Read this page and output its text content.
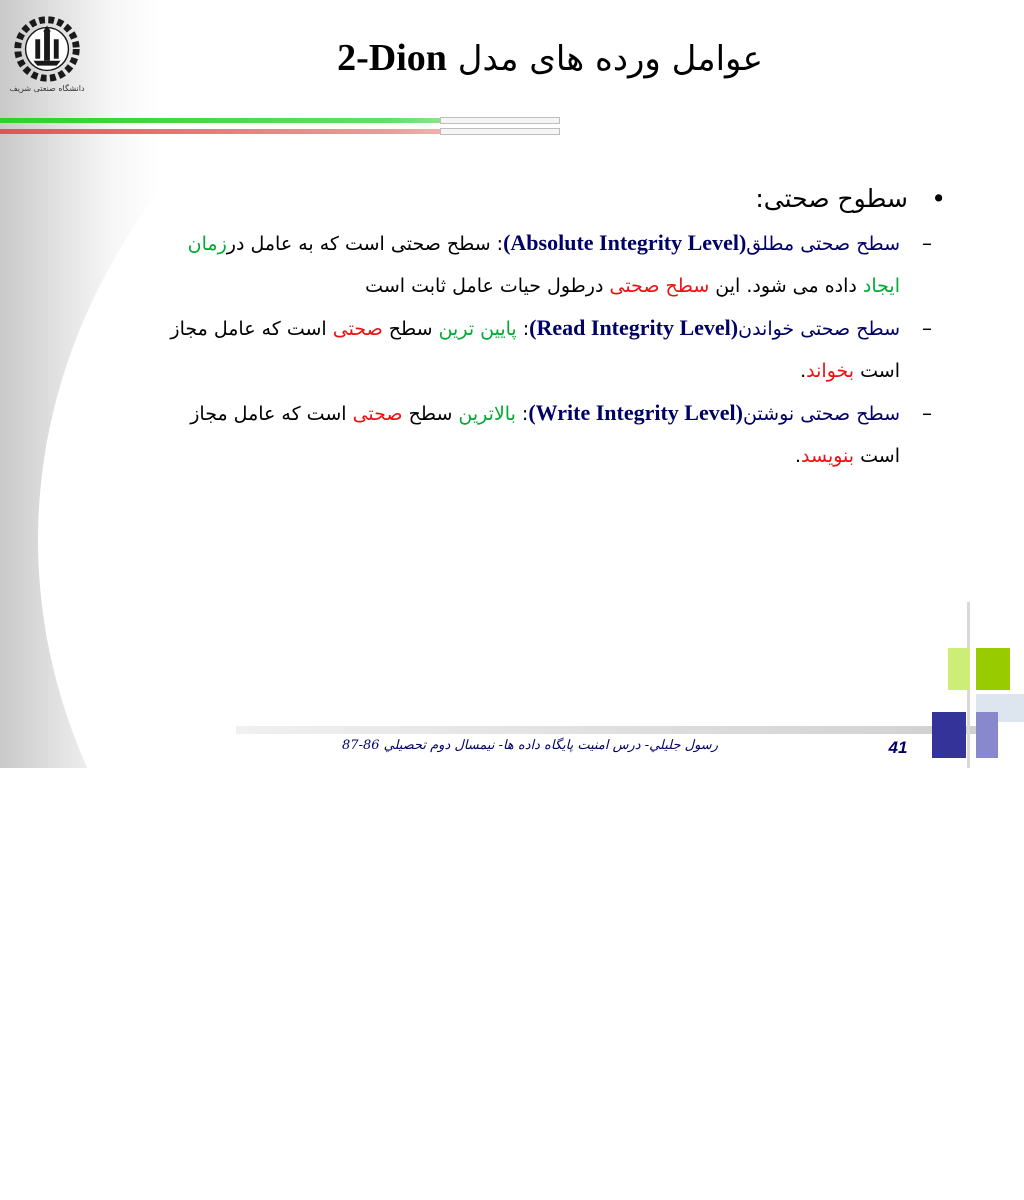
دانشگاه صنعتی شریف
عوامل ورده های مدل 2-Dion
•
سطوح صحتی:
–
سطح صحتی مطلق(Absolute Integrity Level): سطح صحتی است که به عامل درزمان
ایجاد داده می شود. این سطح صحتی درطول حیات عامل ثابت است
–
سطح صحتی خواندن(Read Integrity Level): پایین ترین سطح صحتی است که عامل مجاز
است بخواند.
–
سطح صحتی نوشتن(Write Integrity Level): بالاترین سطح صحتی است که عامل مجاز
است بنویسد.
رسول جليلي- درس امنيت پايگاه داده ها- نيمسال دوم تحصيلي 86-87	41
